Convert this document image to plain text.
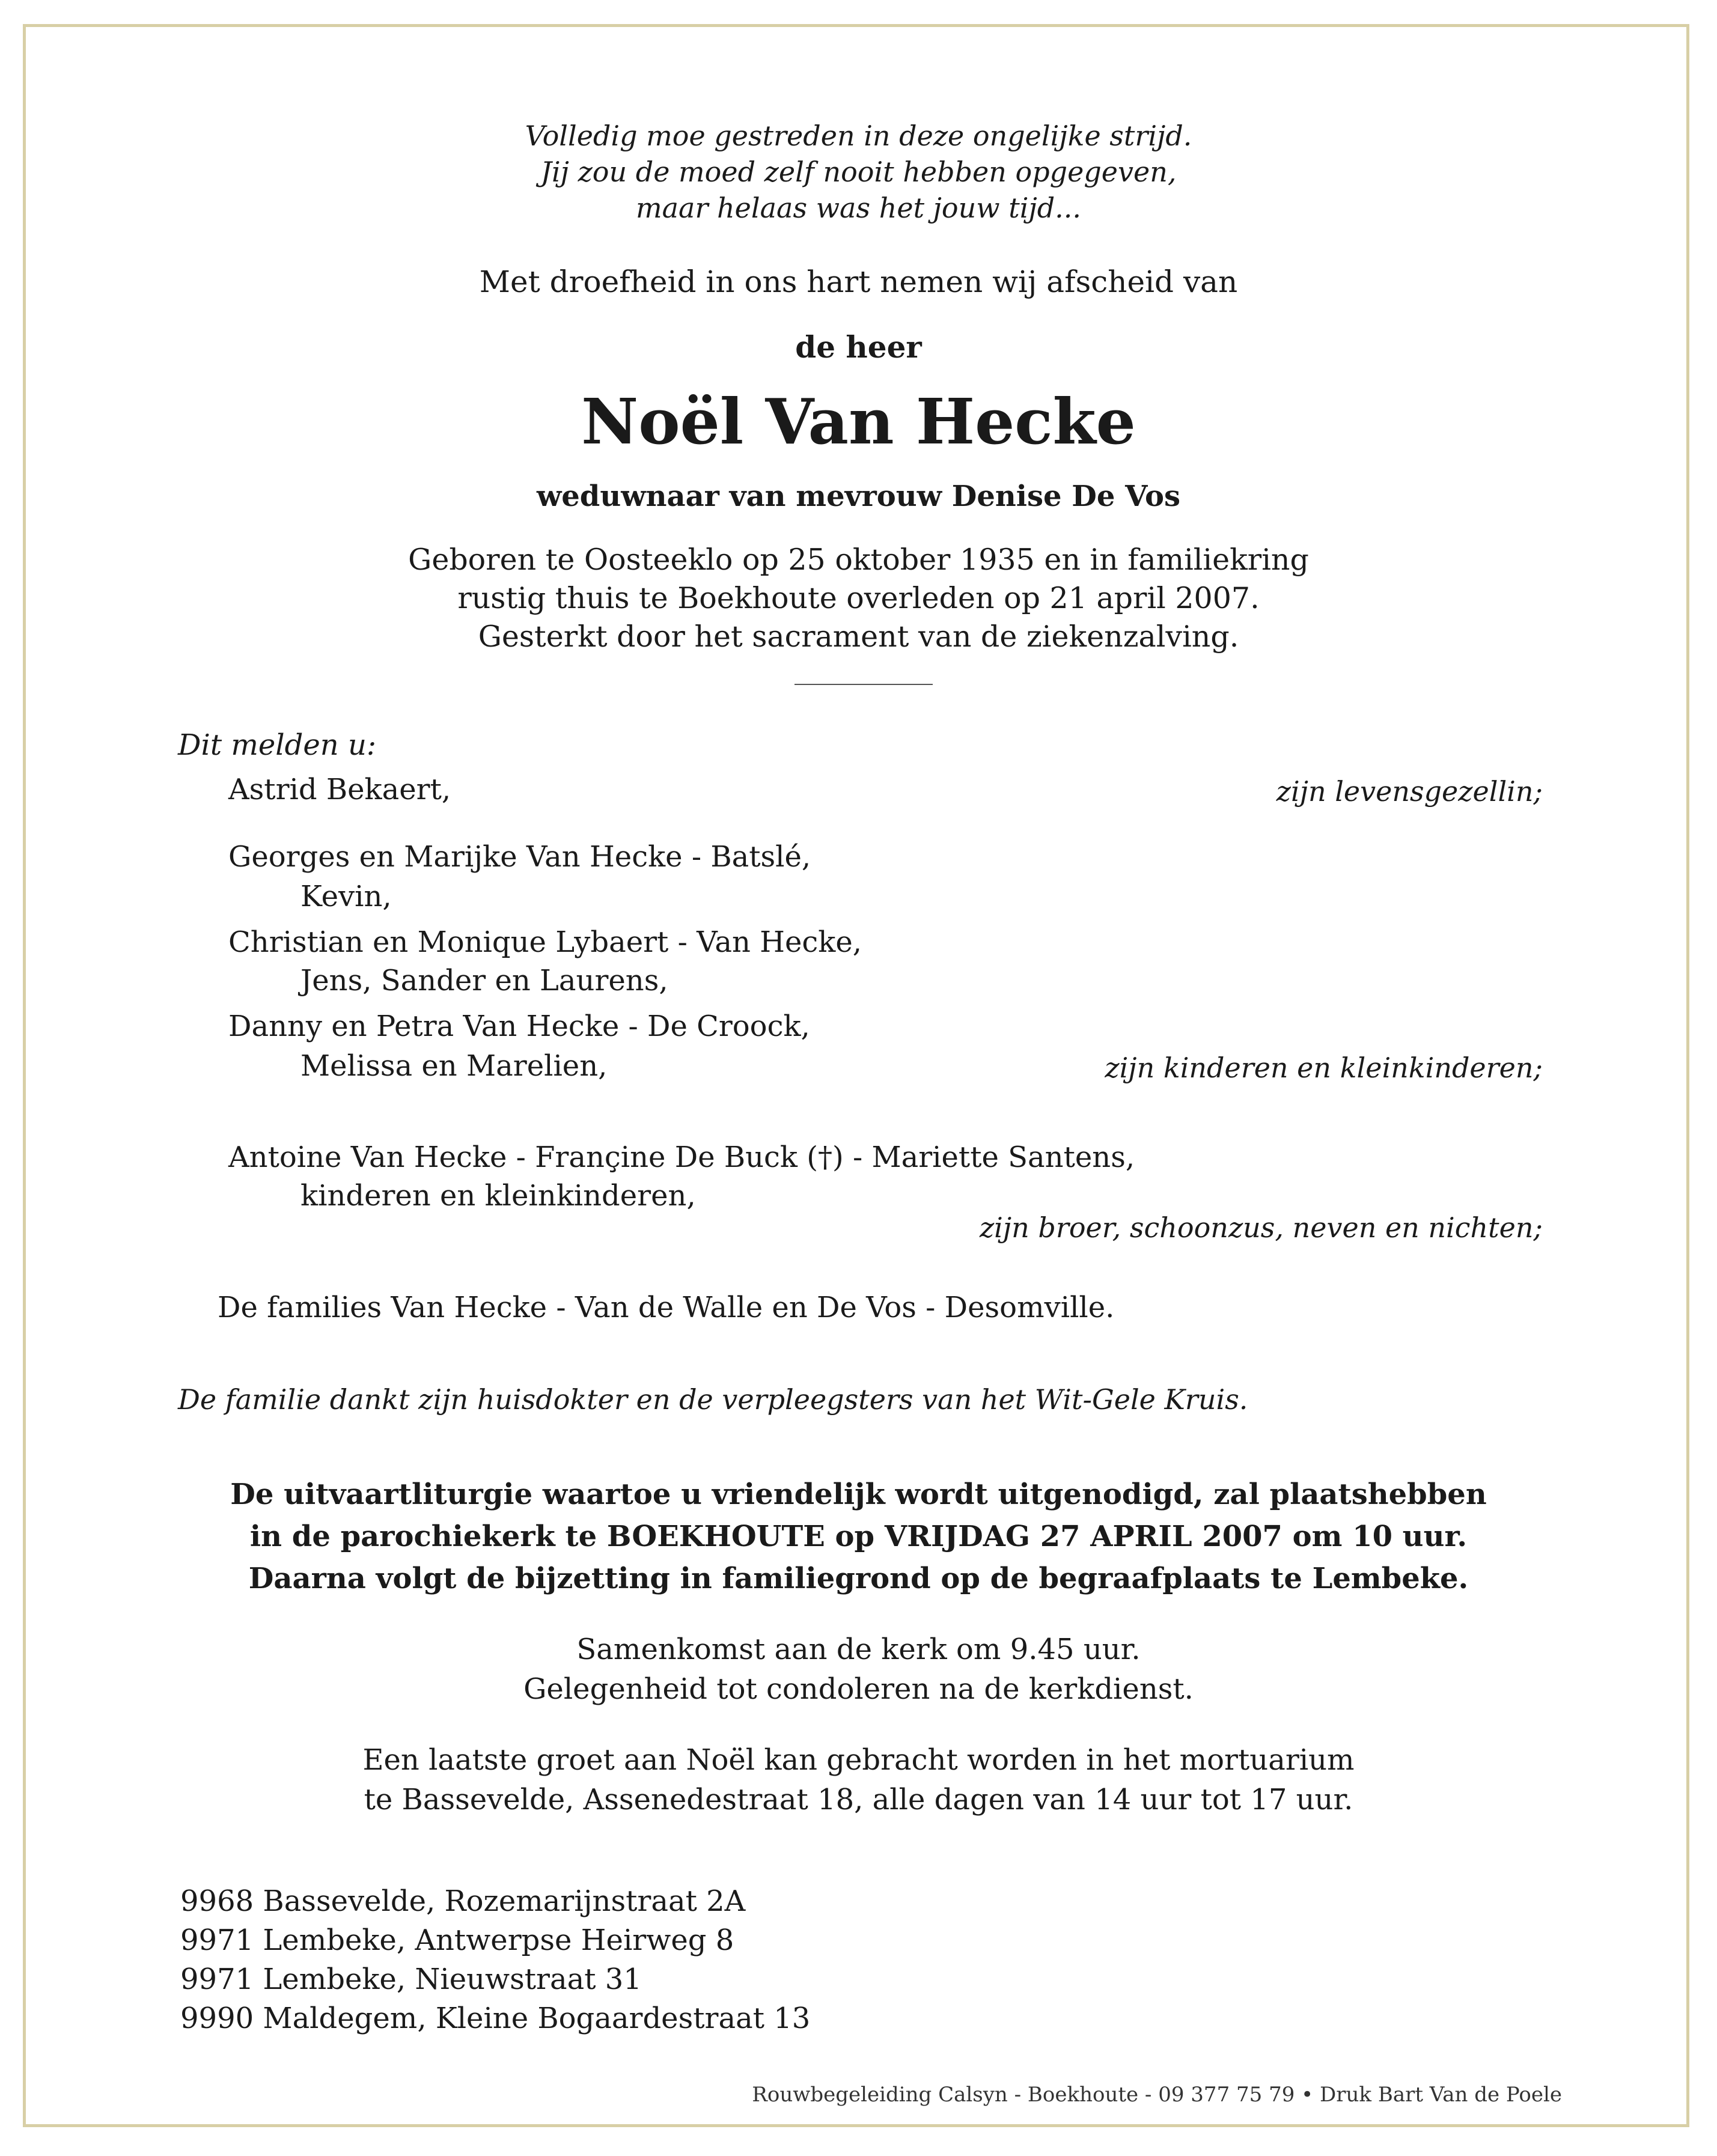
Volledig moe gestreden in deze ongelijke strijd.
Jij zou de moed zelf nooit hebben opgegeven,
maar helaas was het jouw tijd...
Met droefheid in ons hart nemen wij afscheid van
de heer
Noël Van Hecke
weduwnaar van mevrouw Denise De Vos
Geboren te Oosteeklo op 25 oktober 1935 en in familiekring
rustig thuis te Boekhoute overleden op 21 april 2007.
Gesterkt door het sacrament van de ziekenzalving.
Dit melden u:
Astrid Bekaert,	zijn levensgezellin;
Georges en Marijke Van Hecke - Batslé,
Kevin,
Christian en Monique Lybaert - Van Hecke,
Jens, Sander en Laurens,
Danny en Petra Van Hecke - De Croock,
Melissa en Marelien,	zijn kinderen en kleinkinderen;
Antoine Van Hecke - Françine De Buck (†) - Mariette Santens,
kinderen en kleinkinderen,
zijn broer, schoonzus, neven en nichten;
De families Van Hecke - Van de Walle en De Vos - Desomville.
De familie dankt zijn huisdokter en de verpleegsters van het Wit-Gele Kruis.
De uitvaartliturgie waartoe u vriendelijk wordt uitgenodigd, zal plaatshebben
in de parochiekerk te BOEKHOUTE op VRIJDAG 27 APRIL 2007 om 10 uur.
Daarna volgt de bijzetting in familiegrond op de begraafplaats te Lembeke.
Samenkomst aan de kerk om 9.45 uur.
Gelegenheid tot condoleren na de kerkdienst.
Een laatste groet aan Noël kan gebracht worden in het mortuarium
te Bassevelde, Assenedestraat 18, alle dagen van 14 uur tot 17 uur.
9968 Bassevelde, Rozemarijnstraat 2A
9971 Lembeke, Antwerpse Heirweg 8
9971 Lembeke, Nieuwstraat 31
9990 Maldegem, Kleine Bogaardestraat 13
Rouwbegeleiding Calsyn - Boekhoute - 09 377 75 79 • Druk Bart Van de Poele
